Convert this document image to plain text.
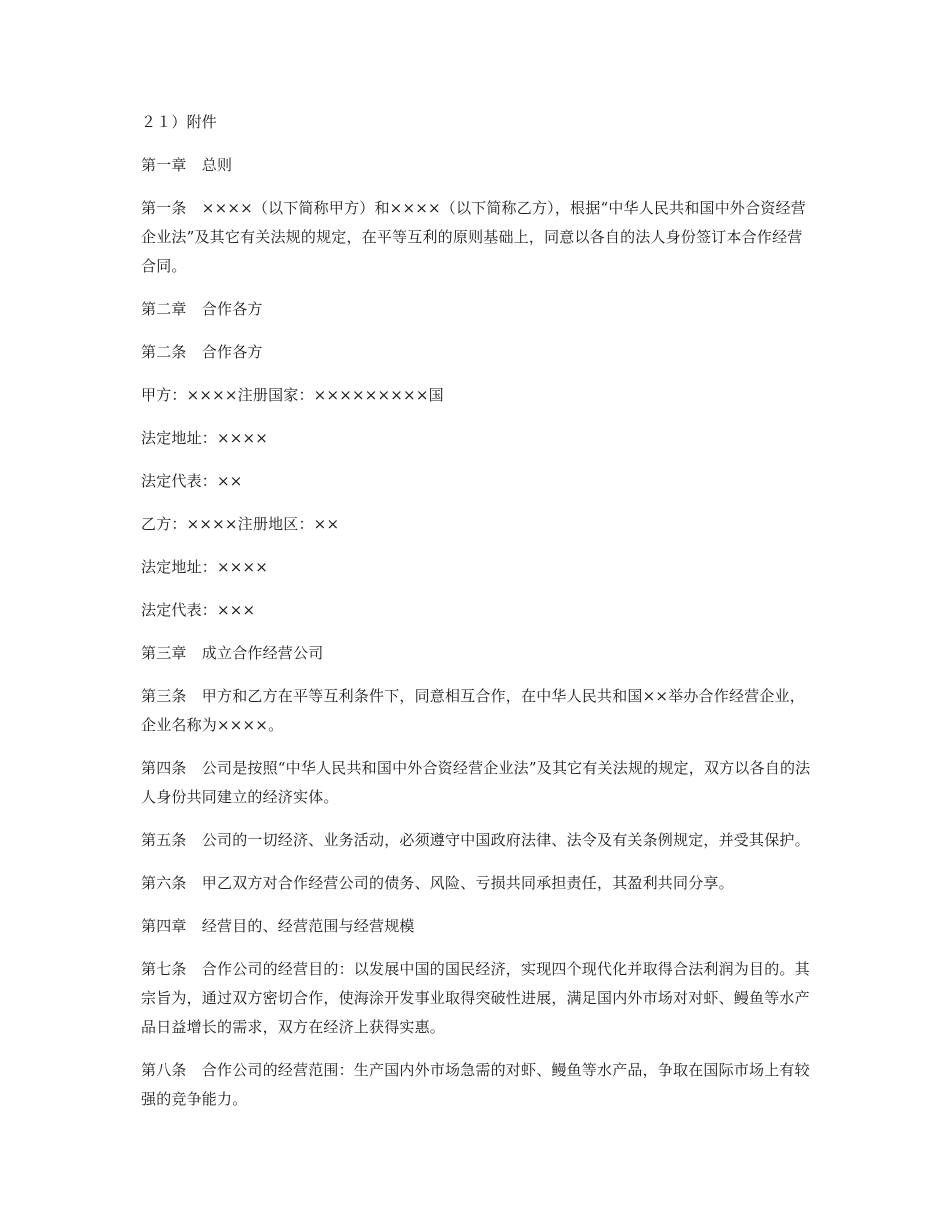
２１）附件

第一章　总则

第一条　××××（以下简称甲方）和××××（以下简称乙方），根据“中华人民共和国中外合资经营企业法”及其它有关法规的规定，在平等互利的原则基础上，同意以各自的法人身份签订本合作经营合同。

第二章　合作各方

第二条　合作各方

甲方：××××注册国家：×××××××××国

法定地址：××××

法定代表：××

乙方：××××注册地区：××

法定地址：××××

法定代表：×××

第三章　成立合作经营公司

第三条　甲方和乙方在平等互利条件下，同意相互合作，在中华人民共和国××举办合作经营企业，企业名称为××××。

第四条　公司是按照“中华人民共和国中外合资经营企业法”及其它有关法规的规定，双方以各自的法人身份共同建立的经济实体。

第五条　公司的一切经济、业务活动，必须遵守中国政府法律、法令及有关条例规定，并受其保护。

第六条　甲乙双方对合作经营公司的债务、风险、亏损共同承担责任，其盈利共同分享。

第四章　经营目的、经营范围与经营规模

第七条　合作公司的经营目的：以发展中国的国民经济，实现四个现代化并取得合法利润为目的。其宗旨为，通过双方密切合作，使海涂开发事业取得突破性进展，满足国内外市场对对虾、鳗鱼等水产品日益增长的需求，双方在经济上获得实惠。

第八条　合作公司的经营范围：生产国内外市场急需的对虾、鳗鱼等水产品，争取在国际市场上有较强的竞争能力。
